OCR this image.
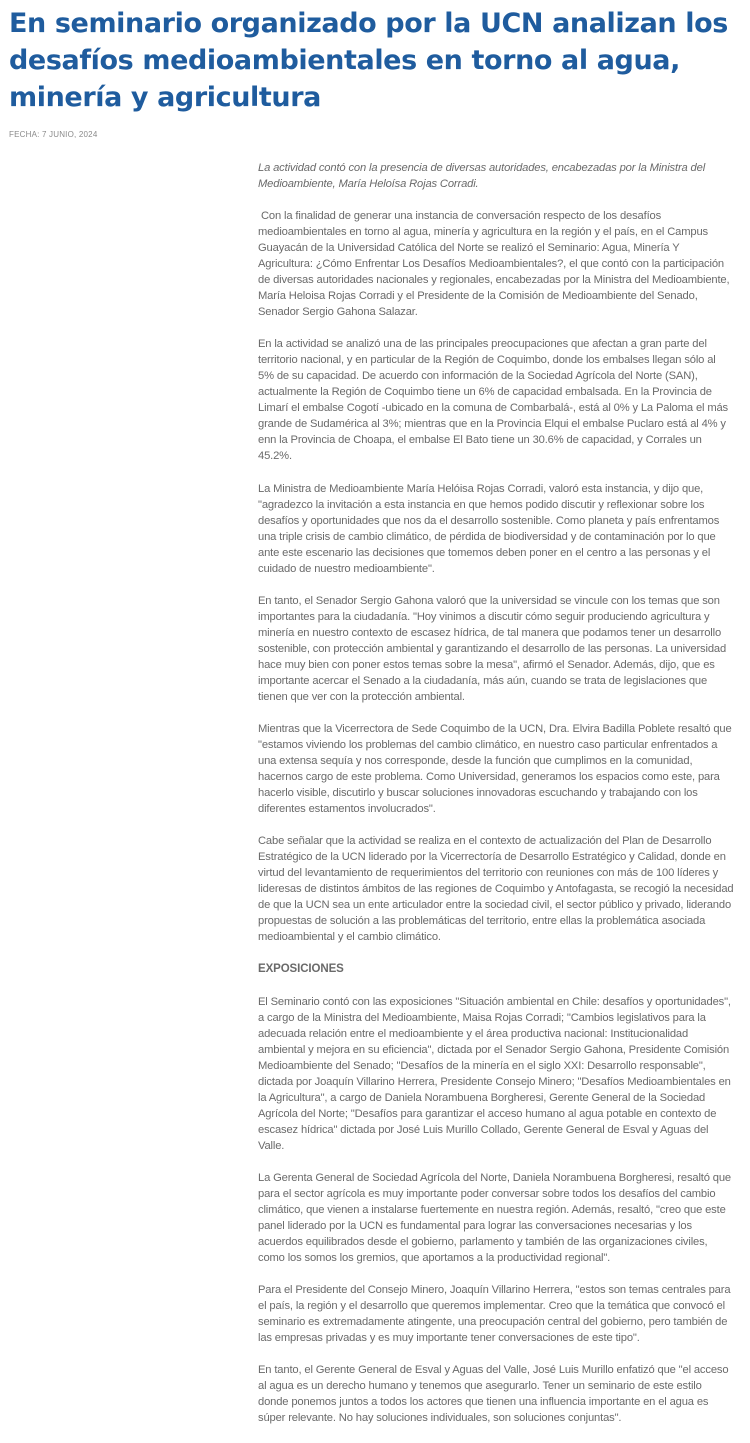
En seminario organizado por la UCN analizan los desafíos medioambientales en torno al agua, minería y agricultura
FECHA: 7 JUNIO, 2024

La actividad contó con la presencia de diversas autoridades, encabezadas por la Ministra del Medioambiente, María Heloísa Rojas Corradi.

Con la finalidad de generar una instancia de conversación respecto de los desafíos medioambientales en torno al agua, minería y agricultura en la región y el país, en el Campus Guayacán de la Universidad Católica del Norte se realizó el Seminario: Agua, Minería Y Agricultura: ¿Cómo Enfrentar Los Desafíos Medioambientales?, el que contó con la participación de diversas autoridades nacionales y regionales, encabezadas por la Ministra del Medioambiente, María Heloisa Rojas Corradi y el Presidente de la Comisión de Medioambiente del Senado, Senador Sergio Gahona Salazar.

En la actividad se analizó una de las principales preocupaciones que afectan a gran parte del territorio nacional, y en particular de la Región de Coquimbo, donde los embalses llegan sólo al 5% de su capacidad. De acuerdo con información de la Sociedad Agrícola del Norte (SAN), actualmente la Región de Coquimbo tiene un 6% de capacidad embalsada. En la Provincia de Limarí el embalse Cogotí -ubicado en la comuna de Combarbalá-, está al 0% y La Paloma el más grande de Sudamérica al 3%; mientras que en la Provincia Elqui el embalse Puclaro está al 4% y enn la Provincia de Choapa, el embalse El Bato tiene un 30.6% de capacidad, y Corrales un 45.2%.

La Ministra de Medioambiente María Helóisa Rojas Corradi, valoró esta instancia, y dijo que, "agradezco la invitación a esta instancia en que hemos podido discutir y reflexionar sobre los desafíos y oportunidades que nos da el desarrollo sostenible. Como planeta y país enfrentamos una triple crisis de cambio climático, de pérdida de biodiversidad y de contaminación por lo que ante este escenario las decisiones que tomemos deben poner en el centro a las personas y el cuidado de nuestro medioambiente".

En tanto, el Senador Sergio Gahona valoró que la universidad se vincule con los temas que son importantes para la ciudadanía. "Hoy vinimos a discutir cómo seguir produciendo agricultura y minería en nuestro contexto de escasez hídrica, de tal manera que podamos tener un desarrollo sostenible, con protección ambiental y garantizando el desarrollo de las personas. La universidad hace muy bien con poner estos temas sobre la mesa", afirmó el Senador. Además, dijo, que es importante acercar el Senado a la ciudadanía, más aún, cuando se trata de legislaciones que tienen que ver con la protección ambiental.

Mientras que la Vicerrectora de Sede Coquimbo de la UCN, Dra. Elvira Badilla Poblete resaltó que "estamos viviendo los problemas del cambio climático, en nuestro caso particular enfrentados a una extensa sequía y nos corresponde, desde la función que cumplimos en la comunidad, hacernos cargo de este problema. Como Universidad, generamos los espacios como este, para hacerlo visible, discutirlo y buscar soluciones innovadoras escuchando y trabajando con los diferentes estamentos involucrados".

Cabe señalar que la actividad se realiza en el contexto de actualización del Plan de Desarrollo Estratégico de la UCN liderado por la Vicerrectoría de Desarrollo Estratégico y Calidad, donde en virtud del levantamiento de requerimientos del territorio con reuniones con más de 100 líderes y lideresas de distintos ámbitos de las regiones de Coquimbo y Antofagasta, se recogió la necesidad de que la UCN sea un ente articulador entre la sociedad civil, el sector público y privado, liderando propuestas de solución a las problemáticas del territorio, entre ellas la problemática asociada medioambiental y el cambio climático.

EXPOSICIONES

El Seminario contó con las exposiciones "Situación ambiental en Chile: desafíos y oportunidades", a cargo de la Ministra del Medioambiente, Maisa Rojas Corradi; "Cambios legislativos para la adecuada relación entre el medioambiente y el área productiva nacional: Institucionalidad ambiental y mejora en su eficiencia", dictada por el Senador Sergio Gahona, Presidente Comisión Medioambiente del Senado; "Desafíos de la minería en el siglo XXI: Desarrollo responsable", dictada por Joaquín Villarino Herrera, Presidente Consejo Minero; "Desafíos Medioambientales en la Agricultura", a cargo de Daniela Norambuena Borgheresi, Gerente General de la Sociedad Agrícola del Norte; "Desafíos para garantizar el acceso humano al agua potable en contexto de escasez hídrica" dictada por José Luis Murillo Collado, Gerente General de Esval y Aguas del Valle.

La Gerenta General de Sociedad Agrícola del Norte, Daniela Norambuena Borgheresi, resaltó que para el sector agrícola es muy importante poder conversar sobre todos los desafíos del cambio climático, que vienen a instalarse fuertemente en nuestra región. Además, resaltó, "creo que este panel liderado por la UCN es fundamental para lograr las conversaciones necesarias y los acuerdos equilibrados desde el gobierno, parlamento y también de las organizaciones civiles, como los somos los gremios, que aportamos a la productividad regional".

Para el Presidente del Consejo Minero, Joaquín Villarino Herrera, "estos son temas centrales para el país, la región y el desarrollo que queremos implementar. Creo que la temática que convocó el seminario es extremadamente atingente, una preocupación central del gobierno, pero también de las empresas privadas y es muy importante tener conversaciones de este tipo".

En tanto, el Gerente General de Esval y Aguas del Valle, José Luis Murillo enfatizó que "el acceso al agua es un derecho humano y tenemos que asegurarlo. Tener un seminario de este estilo donde ponemos juntos a todos los actores que tienen una influencia importante en el agua es súper relevante. No hay soluciones individuales, son soluciones conjuntas".
